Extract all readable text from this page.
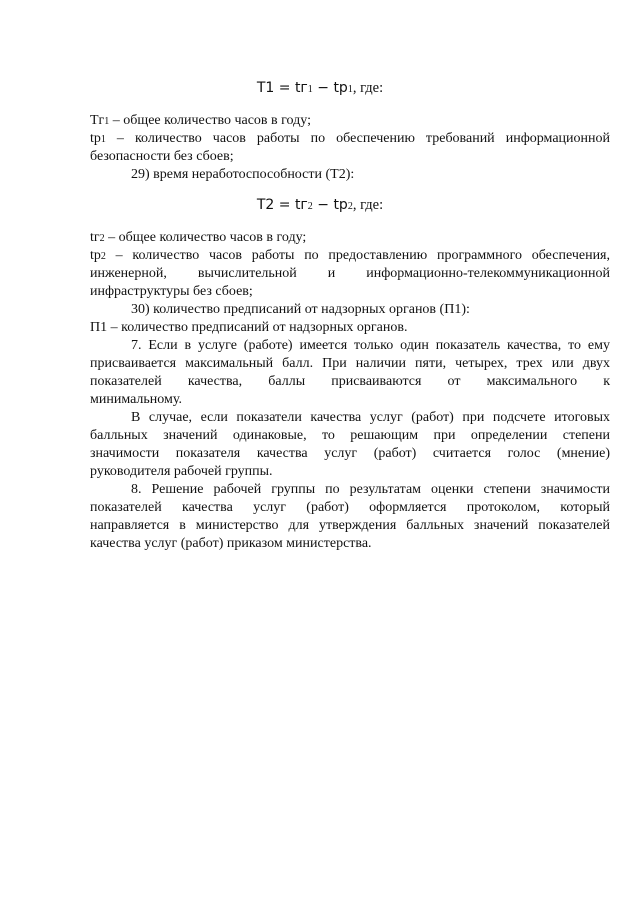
T1 = tг1 − tр1, где:
Tг1 – общее количество часов в году;
tр1 – количество часов работы по обеспечению требований информационной
безопасности без сбоев;
29) время неработоспособности (Т2):
T2 = tг2 − tр2, где:
tг2 – общее количество часов в году;
tр2 – количество часов работы по предоставлению программного обеспечения,
инженерной, вычислительной и информационно-телекоммуникационной
инфраструктуры без сбоев;
30) количество предписаний от надзорных органов (П1):
П1 – количество предписаний от надзорных органов.
7. Если в услуге (работе) имеется только один показатель качества, то ему
присваивается максимальный балл. При наличии пяти, четырех, трех или двух
показателей качества, баллы присваиваются от максимального к
минимальному.
В случае, если показатели качества услуг (работ) при подсчете итоговых
балльных значений одинаковые, то решающим при определении степени
значимости показателя качества услуг (работ) считается голос (мнение)
руководителя рабочей группы.
8. Решение рабочей группы по результатам оценки степени значимости
показателей качества услуг (работ) оформляется протоколом, который
направляется в министерство для утверждения балльных значений показателей
качества услуг (работ) приказом министерства.
